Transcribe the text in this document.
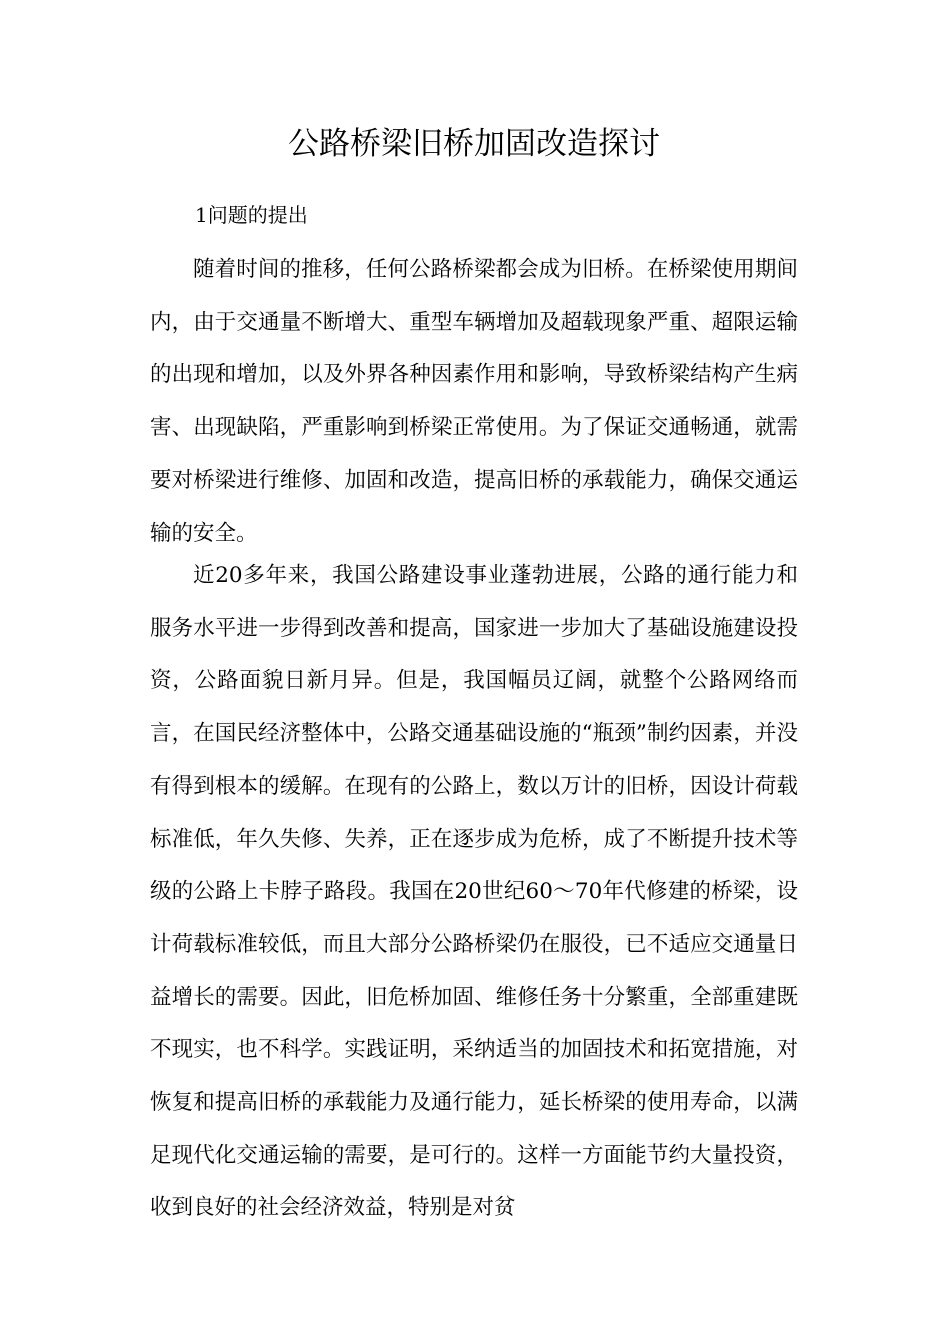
公路桥梁旧桥加固改造探讨
1问题的提出

随着时间的推移，任何公路桥梁都会成为旧桥。在桥梁使用期间内，由于交通量不断增大、重型车辆增加及超载现象严重、超限运输的出现和增加，以及外界各种因素作用和影响，导致桥梁结构产生病害、出现缺陷，严重影响到桥梁正常使用。为了保证交通畅通，就需要对桥梁进行维修、加固和改造，提高旧桥的承载能力，确保交通运输的安全。

近20多年来，我国公路建设事业蓬勃进展，公路的通行能力和服务水平进一步得到改善和提高，国家进一步加大了基础设施建设投资，公路面貌日新月异。但是，我国幅员辽阔，就整个公路网络而言，在国民经济整体中，公路交通基础设施的“瓶颈”制约因素，并没有得到根本的缓解。在现有的公路上，数以万计的旧桥，因设计荷载标准低，年久失修、失养，正在逐步成为危桥，成了不断提升技术等级的公路上卡脖子路段。我国在20世纪60～70年代修建的桥梁，设计荷载标准较低，而且大部分公路桥梁仍在服役，已不适应交通量日益增长的需要。因此，旧危桥加固、维修任务十分繁重，全部重建既不现实，也不科学。实践证明，采纳适当的加固技术和拓宽措施，对恢复和提高旧桥的承载能力及通行能力，延长桥梁的使用寿命，以满足现代化交通运输的需要，是可行的。这样一方面能节约大量投资，收到良好的社会经济效益，特别是对贫
